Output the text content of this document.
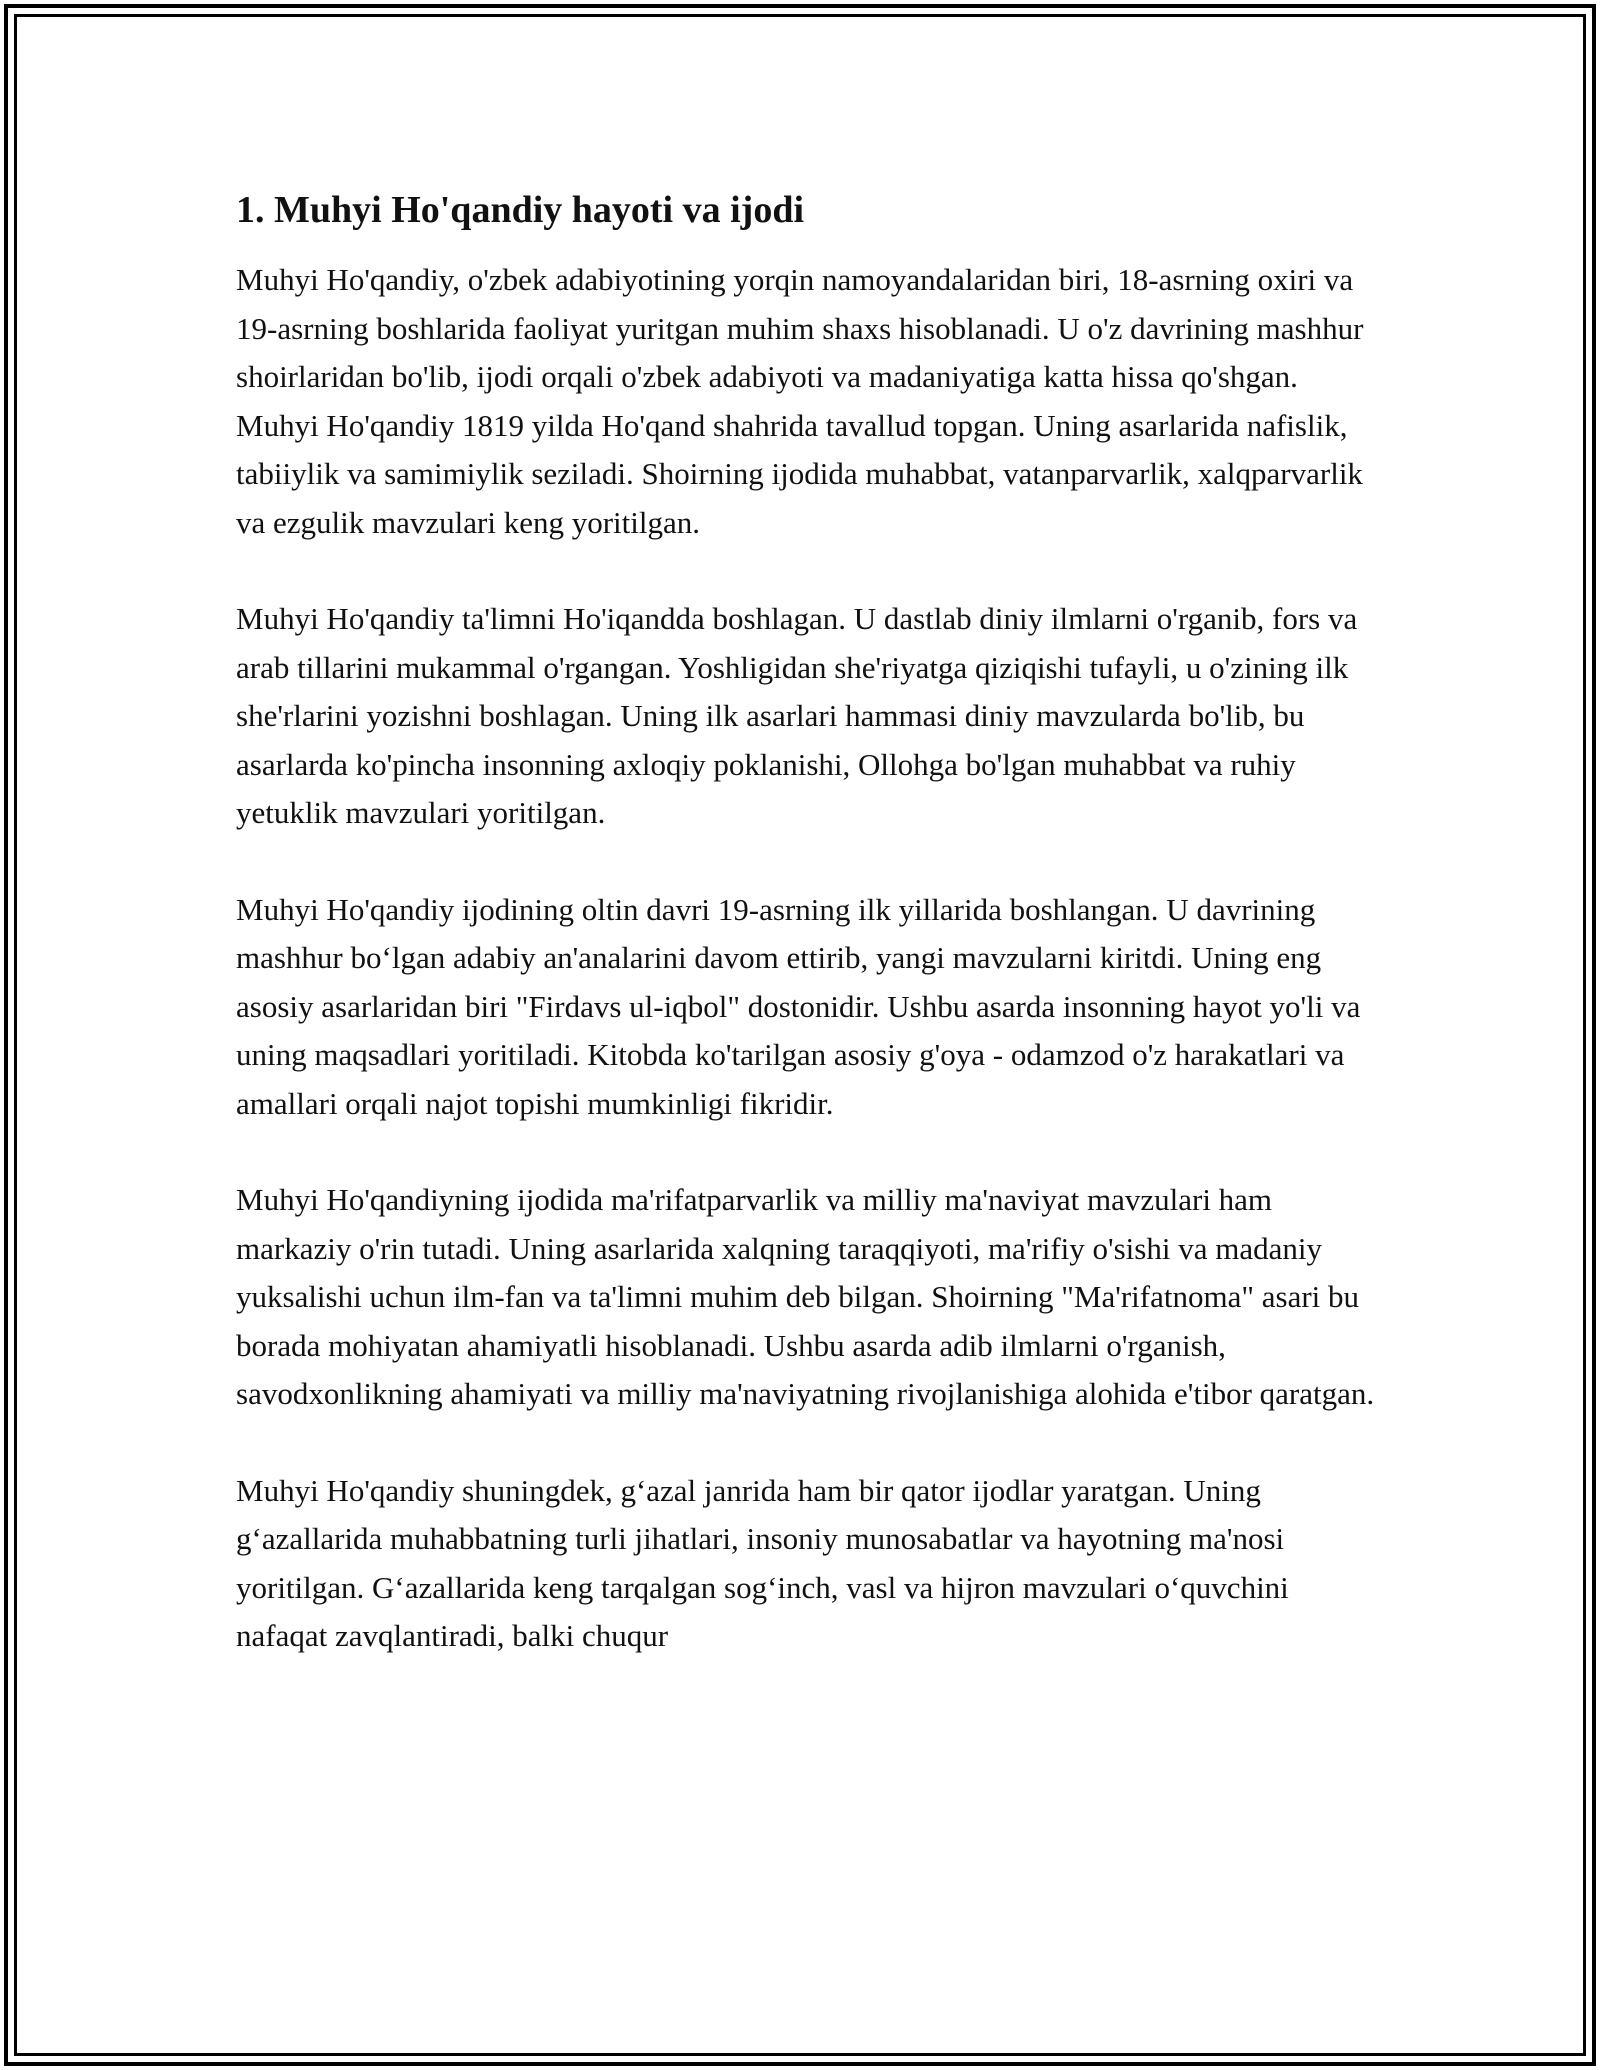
1. Muhyi Ho'qandiy hayoti va ijodi

Muhyi Ho'qandiy, o'zbek adabiyotining yorqin namoyandalaridan biri, 18-asrning oxiri va 19-asrning boshlarida faoliyat yuritgan muhim shaxs hisoblanadi. U o'z davrining mashhur shoirlaridan bo'lib, ijodi orqali o'zbek adabiyoti va madaniyatiga katta hissa qo'shgan. Muhyi Ho'qandiy 1819 yilda Ho'qand shahrida tavallud topgan. Uning asarlarida nafislik, tabiiylik va samimiylik seziladi. Shoirning ijodida muhabbat, vatanparvarlik, xalqparvarlik va ezgulik mavzulari keng yoritilgan.

Muhyi Ho'qandiy ta'limni Ho'iqandda boshlagan. U dastlab diniy ilmlarni o'rganib, fors va arab tillarini mukammal o'rgangan. Yoshligidan she'riyatga qiziqishi tufayli, u o'zining ilk she'rlarini yozishni boshlagan. Uning ilk asarlari hammasi diniy mavzularda bo'lib, bu asarlarda ko'pincha insonning axloqiy poklanishi, Ollohga bo'lgan muhabbat va ruhiy yetuklik mavzulari yoritilgan.

Muhyi Ho'qandiy ijodining oltin davri 19-asrning ilk yillarida boshlangan. U davrining mashhur bo‘lgan adabiy an'analarini davom ettirib, yangi mavzularni kiritdi. Uning eng asosiy asarlaridan biri "Firdavs ul-iqbol" dostonidir. Ushbu asarda insonning hayot yo'li va uning maqsadlari yoritiladi. Kitobda ko'tarilgan asosiy g'oya - odamzod o'z harakatlari va amallari orqali najot topishi mumkinligi fikridir.

Muhyi Ho'qandiyning ijodida ma'rifatparvarlik va milliy ma'naviyat mavzulari ham markaziy o'rin tutadi. Uning asarlarida xalqning taraqqiyoti, ma'rifiy o'sishi va madaniy yuksalishi uchun ilm-fan va ta'limni muhim deb bilgan. Shoirning "Ma'rifatnoma" asari bu borada mohiyatan ahamiyatli hisoblanadi. Ushbu asarda adib ilmlarni o'rganish, savodxonlikning ahamiyati va milliy ma'naviyatning rivojlanishiga alohida e'tibor qaratgan.

Muhyi Ho'qandiy shuningdek, g‘azal janrida ham bir qator ijodlar yaratgan. Uning g‘azallarida muhabbatning turli jihatlari, insoniy munosabatlar va hayotning ma'nosi yoritilgan. G‘azallarida keng tarqalgan sog‘inch, vasl va hijron mavzulari o‘quvchini nafaqat zavqlantiradi, balki chuqur
